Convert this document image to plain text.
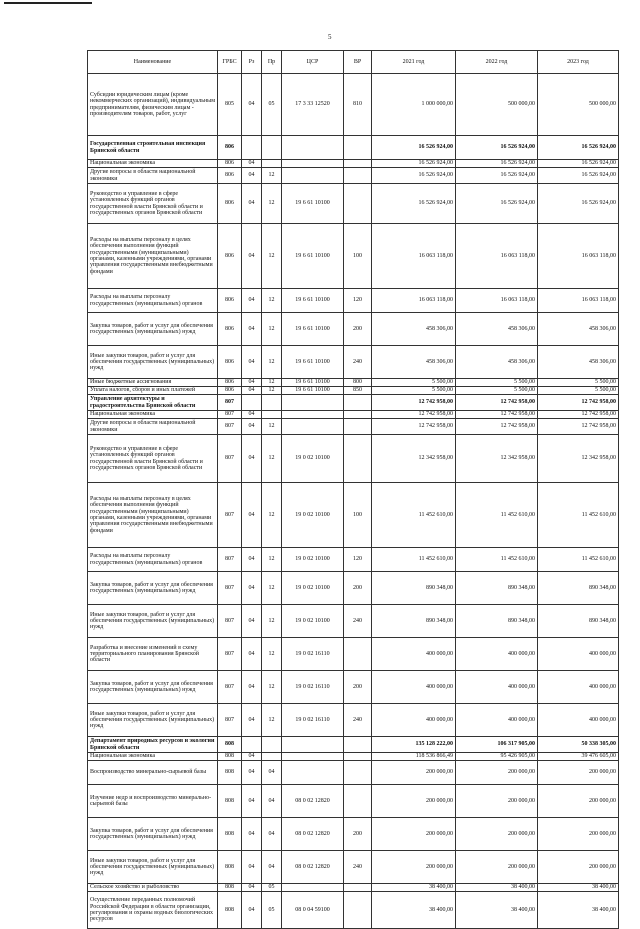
5
Наименование	ГРБС	Рз	Пр	ЦСР	ВР	2021 год	2022 год	2023 год
Субсидии юридическим лицам (кроме некоммерческих организаций), индивидуальным предпринимателям, физическим лицам - производителям товаров, работ, услуг	805	04	05	17 3 33 12520	810	1 000 000,00	500 000,00	500 000,00
Государственная строительная инспекция Брянской области	806					16 526 924,00	16 526 924,00	16 526 924,00
Национальная экономика	806	04				16 526 924,00	16 526 924,00	16 526 924,00
Другие вопросы в области национальной экономики	806	04	12			16 526 924,00	16 526 924,00	16 526 924,00
Руководство и управление в сфере установленных функций органов государственной власти Брянской области и государственных органов Брянской области	806	04	12	19 6 61 10100		16 526 924,00	16 526 924,00	16 526 924,00
Расходы на выплаты персоналу в целях обеспечения выполнения функций государственными (муниципальными) органами, казенными учреждениями, органами управления государственными внебюджетными фондами	806	04	12	19 6 61 10100	100	16 063 118,00	16 063 118,00	16 063 118,00
Расходы на выплаты персоналу государственных (муниципальных) органов	806	04	12	19 6 61 10100	120	16 063 118,00	16 063 118,00	16 063 118,00
Закупка товаров, работ и услуг для обеспечения государственных (муниципальных) нужд	806	04	12	19 6 61 10100	200	458 306,00	458 306,00	458 306,00
Иные закупки товаров, работ и услуг для обеспечения государственных (муниципальных) нужд	806	04	12	19 6 61 10100	240	458 306,00	458 306,00	458 306,00
Иные бюджетные ассигнования	806	04	12	19 6 61 10100	800	5 500,00	5 500,00	5 500,00
Уплата налогов, сборов и иных платежей	806	04	12	19 6 61 10100	850	5 500,00	5 500,00	5 500,00
Управление архитектуры и градостроительства Брянской области	807					12 742 958,00	12 742 958,00	12 742 958,00
Национальная экономика	807	04				12 742 958,00	12 742 958,00	12 742 958,00
Другие вопросы в области национальной экономики	807	04	12			12 742 958,00	12 742 958,00	12 742 958,00
Руководство и управление в сфере установленных функций органов государственной власти Брянской области и государственных органов Брянской области	807	04	12	19 0 02 10100		12 342 958,00	12 342 958,00	12 342 958,00
Расходы на выплаты персоналу в целях обеспечения выполнения функций государственными (муниципальными) органами, казенными учреждениями, органами управления государственными внебюджетными фондами	807	04	12	19 0 02 10100	100	11 452 610,00	11 452 610,00	11 452 610,00
Расходы на выплаты персоналу государственных (муниципальных) органов	807	04	12	19 0 02 10100	120	11 452 610,00	11 452 610,00	11 452 610,00
Закупка товаров, работ и услуг для обеспечения государственных (муниципальных) нужд	807	04	12	19 0 02 10100	200	890 348,00	890 348,00	890 348,00
Иные закупки товаров, работ и услуг для обеспечения государственных (муниципальных) нужд	807	04	12	19 0 02 10100	240	890 348,00	890 348,00	890 348,00
Разработка и внесение изменений в схему территориального планирования Брянской области	807	04	12	19 0 02 16110		400 000,00	400 000,00	400 000,00
Закупка товаров, работ и услуг для обеспечения государственных (муниципальных) нужд	807	04	12	19 0 02 16110	200	400 000,00	400 000,00	400 000,00
Иные закупки товаров, работ и услуг для обеспечения государственных (муниципальных) нужд	807	04	12	19 0 02 16110	240	400 000,00	400 000,00	400 000,00
Департамент природных ресурсов и экологии Брянской области	808					135 128 222,00	106 317 905,00	50 338 305,00
Национальная экономика	808	04				118 536 866,49	95 426 905,00	39 476 605,00
Воспроизводство минерально-сырьевой базы	808	04	04			200 000,00	200 000,00	200 000,00
Изучение недр и воспроизводство минерально-сырьевой базы	808	04	04	08 0 02 12820		200 000,00	200 000,00	200 000,00
Закупка товаров, работ и услуг для обеспечения государственных (муниципальных) нужд	808	04	04	08 0 02 12820	200	200 000,00	200 000,00	200 000,00
Иные закупки товаров, работ и услуг для обеспечения государственных (муниципальных) нужд	808	04	04	08 0 02 12820	240	200 000,00	200 000,00	200 000,00
Сельское хозяйство и рыболовство	808	04	05			38 400,00	38 400,00	38 400,00
Осуществление переданных полномочий Российской Федерации в области организации, регулирования и охраны водных биологических ресурсов	808	04	05	08 0 04 59100		38 400,00	38 400,00	38 400,00
